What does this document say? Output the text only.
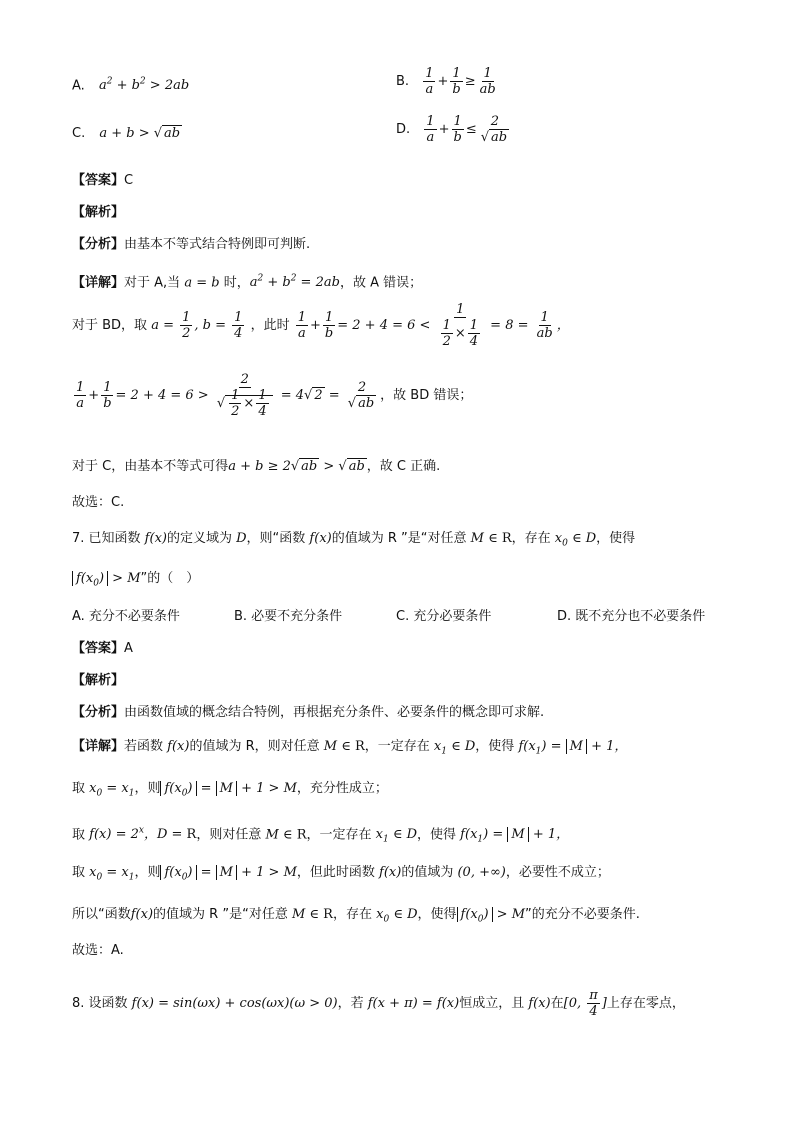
A. $a^2 + b^2 > 2ab$	B. $\frac{1}{a} + \frac{1}{b} \ge \frac{1}{ab}$
C. a + b > √ ab	D. $\frac{1}{a} + \frac{1}{b} \le \frac{2}{√ ab}$
【答案】C
【解析】
【分析】由基本不等式结合特例即可判断.
【详解】对于 A,当 a = b 时，$a^2 + b^2 = 2ab$，故 A 错误；
对于 BD，取 $a = \frac{1}{2}$ , $b = \frac{1}{4}$ ，此时 $\frac{1}{a} + \frac{1}{b} = 2 + 4 = 6 < \frac{1}{\frac{1}{2} \times \frac{1}{4}} = 8 = \frac{1}{ab}$ ，
$\frac{1}{a} + \frac{1}{b} = 2 + 4 = 6 > \frac{2}{√ \frac{1}{2} \times \frac{1}{4}} = 4√$ $2 = \frac{2}{√ ab}$ ，故 BD 错误；
对于 C，由基本不等式可得a + b ≥ 2√ ab > √ ab ，故 C 正确.
故选：C.
7. 已知函数 f(x)的定义域为 D，则“函数 f(x)的值域为 R ”是“对任意 M ∈ R，存在 $x_0$ ∈ D，使得
$f(x_0) > M$”的（　）
A. 充分不必要条件	B. 必要不充分条件	C. 充分必要条件	D. 既不充分也不必要条件
【答案】A
【解析】
【分析】由函数值域的概念结合特例，再根据充分条件、必要条件的概念即可求解.
【详解】若函数 f(x)的值域为 R，则对任意 M ∈ R，一定存在 $x_1$ ∈ D，使得 $f(x_1) = M + 1$，
取 $x_0 = x_1$，则 $f(x_0) = M + 1 > M$，充分性成立；
取 $f(x) = 2^x$，D = R，则对任意 M ∈ R，一定存在 $x_1$ ∈ D，使得 $f(x_1) = M + 1$，
取 $x_0 = x_1$，则 $f(x_0) = M + 1 > M$，但此时函数 f(x)的值域为 (0, +∞)，必要性不成立；
所以“函数f(x)的值域为 R ”是“对任意 M ∈ R，存在 $x_0$ ∈ D，使得 $f(x_0) > M$”的充分不必要条件.
故选：A.
8. 设函数 f(x) = sin(ωx) + cos(ωx)(ω > 0)，若 f(x + π) = f(x)恒成立，且 f(x)在[0, $\frac{\pi}{4}$ ]上存在零点，
